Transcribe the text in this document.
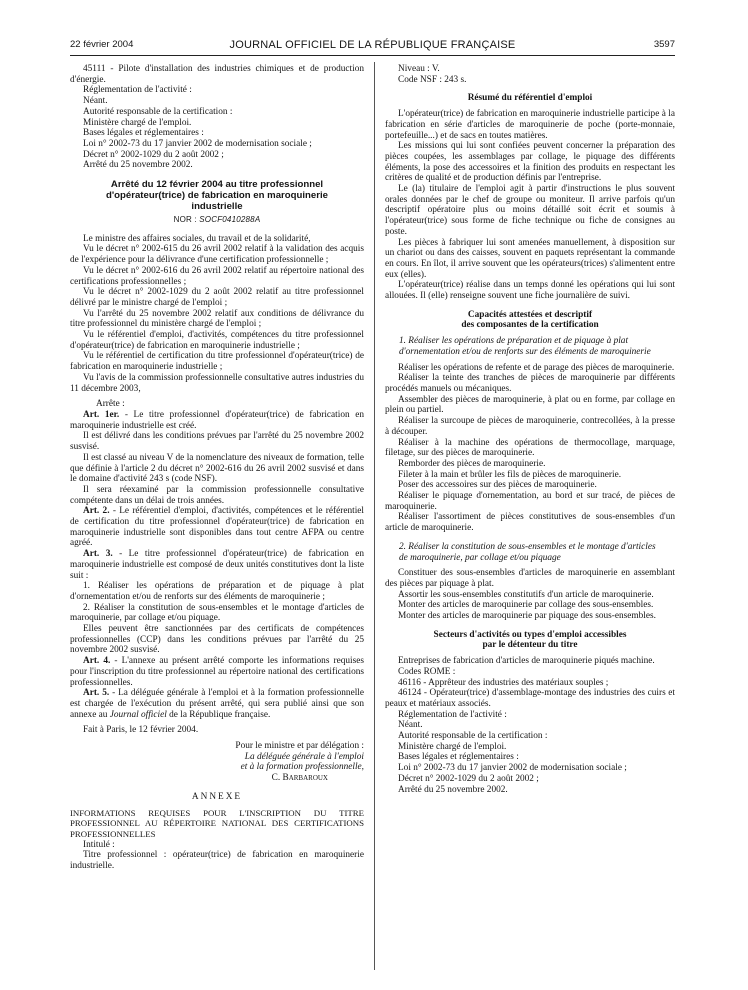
22 février 2004	JOURNAL OFFICIEL DE LA RÉPUBLIQUE FRANÇAISE	3597

45111 - Pilote d'installation des industries chimiques et de production d'énergie.

Réglementation de l'activité :

Néant.

Autorité responsable de la certification :

Ministère chargé de l'emploi.

Bases légales et réglementaires :

Loi n° 2002-73 du 17 janvier 2002 de modernisation sociale ;

Décret n° 2002-1029 du 2 août 2002 ;

Arrêté du 25 novembre 2002.

Arrêté du 12 février 2004 au titre professionnel d'opérateur(trice) de fabrication en maroquinerie industrielle

NOR : SOCF0410288A

Le ministre des affaires sociales, du travail et de la solidarité,

Vu le décret n° 2002-615 du 26 avril 2002 relatif à la validation des acquis de l'expérience pour la délivrance d'une certification professionnelle ;

Vu le décret n° 2002-616 du 26 avril 2002 relatif au répertoire national des certifications professionnelles ;

Vu le décret n° 2002-1029 du 2 août 2002 relatif au titre professionnel délivré par le ministre chargé de l'emploi ;

Vu l'arrêté du 25 novembre 2002 relatif aux conditions de délivrance du titre professionnel du ministère chargé de l'emploi ;

Vu le référentiel d'emploi, d'activités, compétences du titre professionnel d'opérateur(trice) de fabrication en maroquinerie industrielle ;

Vu le référentiel de certification du titre professionnel d'opérateur(trice) de fabrication en maroquinerie industrielle ;

Vu l'avis de la commission professionnelle consultative autres industries du 11 décembre 2003,

Arrête :

Art. 1er. - Le titre professionnel d'opérateur(trice) de fabrication en maroquinerie industrielle est créé.

Il est délivré dans les conditions prévues par l'arrêté du 25 novembre 2002 susvisé.

Il est classé au niveau V de la nomenclature des niveaux de formation, telle que définie à l'article 2 du décret n° 2002-616 du 26 avril 2002 susvisé et dans le domaine d'activité 243 s (code NSF).

Il sera réexaminé par la commission professionnelle consultative compétente dans un délai de trois années.

Art. 2. - Le référentiel d'emploi, d'activités, compétences et le référentiel de certification du titre professionnel d'opérateur(trice) de fabrication en maroquinerie industrielle sont disponibles dans tout centre AFPA ou centre agréé.

Art. 3. - Le titre professionnel d'opérateur(trice) de fabrication en maroquinerie industrielle est composé de deux unités constitutives dont la liste suit :

1. Réaliser les opérations de préparation et de piquage à plat d'ornementation et/ou de renforts sur des éléments de maroquinerie ;

2. Réaliser la constitution de sous-ensembles et le montage d'articles de maroquinerie, par collage et/ou piquage.

Elles peuvent être sanctionnées par des certificats de compétences professionnelles (CCP) dans les conditions prévues par l'arrêté du 25 novembre 2002 susvisé.

Art. 4. - L'annexe au présent arrêté comporte les informations requises pour l'inscription du titre professionnel au répertoire national des certifications professionnelles.

Art. 5. - La déléguée générale à l'emploi et à la formation professionnelle est chargée de l'exécution du présent arrêté, qui sera publié ainsi que son annexe au Journal officiel de la République française.

Fait à Paris, le 12 février 2004.

Pour le ministre et par délégation :

La déléguée générale à l'emploi

et à la formation professionnelle,

C. Barbaroux

ANNEXE

INFORMATIONS REQUISES POUR L'INSCRIPTION DU TITRE PROFESSIONNEL AU RÉPERTOIRE NATIONAL DES CERTIFICATIONS PROFESSIONNELLES

Intitulé :

Titre professionnel : opérateur(trice) de fabrication en maroquinerie industrielle.

Niveau : V.

Code NSF : 243 s.

Résumé du référentiel d'emploi

L'opérateur(trice) de fabrication en maroquinerie industrielle participe à la fabrication en série d'articles de maroquinerie de poche (porte-monnaie, portefeuille...) et de sacs en toutes matières.

Les missions qui lui sont confiées peuvent concerner la préparation des pièces coupées, les assemblages par collage, le piquage des différents éléments, la pose des accessoires et la finition des produits en respectant les critères de qualité et de production définis par l'entreprise.

Le (la) titulaire de l'emploi agit à partir d'instructions le plus souvent orales données par le chef de groupe ou moniteur. Il arrive parfois qu'un descriptif opératoire plus ou moins détaillé soit écrit et soumis à l'opérateur(trice) sous forme de fiche technique ou fiche de consignes au poste.

Les pièces à fabriquer lui sont amenées manuellement, à disposition sur un chariot ou dans des caisses, souvent en paquets représentant la commande en cours. En îlot, il arrive souvent que les opérateurs(trices) s'alimentent entre eux (elles).

L'opérateur(trice) réalise dans un temps donné les opérations qui lui sont allouées. Il (elle) renseigne souvent une fiche journalière de suivi.

Capacités attestées et descriptif

des composantes de la certification

1. Réaliser les opérations de préparation et de piquage à plat d'ornementation et/ou de renforts sur des éléments de maroquinerie

Réaliser les opérations de refente et de parage des pièces de maroquinerie.

Réaliser la teinte des tranches de pièces de maroquinerie par différents procédés manuels ou mécaniques.

Assembler des pièces de maroquinerie, à plat ou en forme, par collage en plein ou partiel.

Réaliser la surcoupe de pièces de maroquinerie, contrecollées, à la presse à découper.

Réaliser à la machine des opérations de thermocollage, marquage, filetage, sur des pièces de maroquinerie.

Remborder des pièces de maroquinerie.

Fileter à la main et brûler les fils de pièces de maroquinerie.

Poser des accessoires sur des pièces de maroquinerie.

Réaliser le piquage d'ornementation, au bord et sur tracé, de pièces de maroquinerie.

Réaliser l'assortiment de pièces constitutives de sous-ensembles d'un article de maroquinerie.

2. Réaliser la constitution de sous-ensembles et le montage d'articles de maroquinerie, par collage et/ou piquage

Constituer des sous-ensembles d'articles de maroquinerie en assemblant des pièces par piquage à plat.

Assortir les sous-ensembles constitutifs d'un article de maroquinerie.

Monter des articles de maroquinerie par collage des sous-ensembles.

Monter des articles de maroquinerie par piquage des sous-ensembles.

Secteurs d'activités ou types d'emploi accessibles

par le détenteur du titre

Entreprises de fabrication d'articles de maroquinerie piqués machine.

Codes ROME :

46116 - Apprêteur des industries des matériaux souples ;

46124 - Opérateur(trice) d'assemblage-montage des industries des cuirs et peaux et matériaux associés.

Réglementation de l'activité :

Néant.

Autorité responsable de la certification :

Ministère chargé de l'emploi.

Bases légales et réglementaires :

Loi n° 2002-73 du 17 janvier 2002 de modernisation sociale ;

Décret n° 2002-1029 du 2 août 2002 ;

Arrêté du 25 novembre 2002.
